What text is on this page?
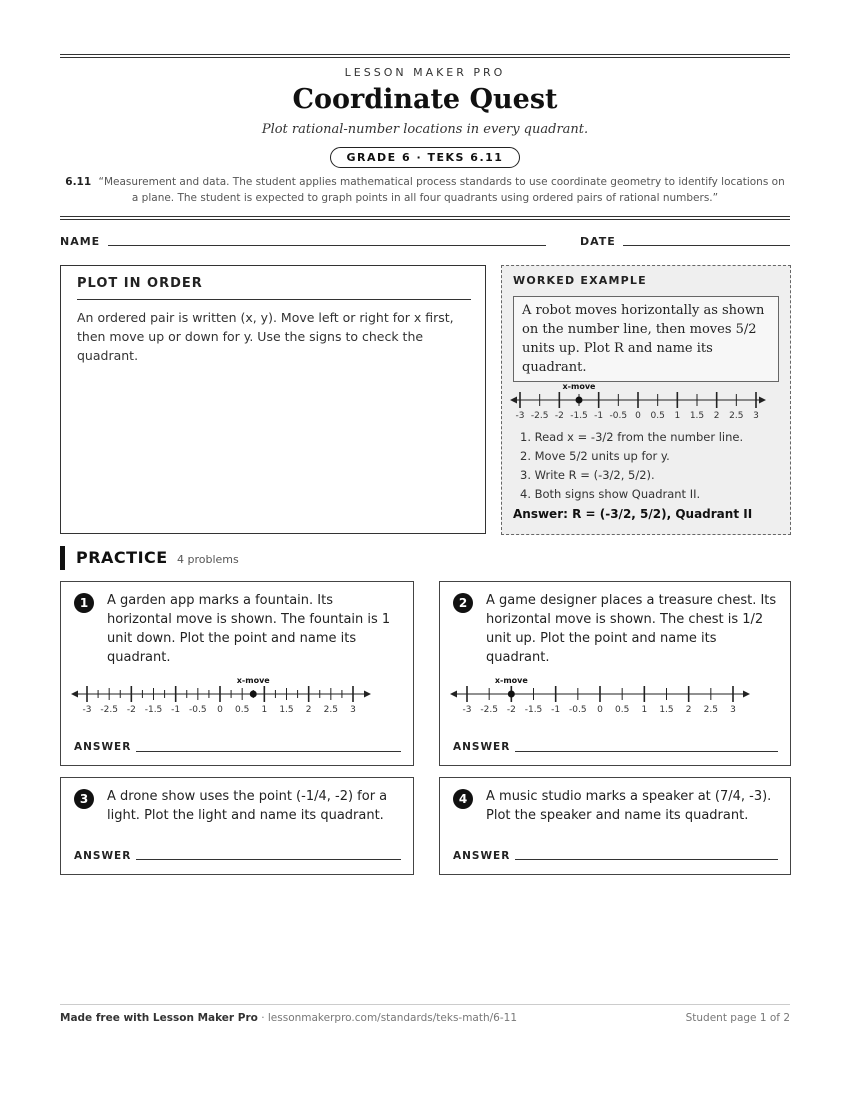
LESSON MAKER PRO
Coordinate Quest
Plot rational-number locations in every quadrant.
GRADE 6 · TEKS 6.11
6.11 “Measurement and data. The student applies mathematical process standards to use coordinate geometry to identify locations on a plane. The student is expected to graph points in all four quadrants using ordered pairs of rational numbers.”
NAME	DATE
PLOT IN ORDER

An ordered pair is written (x, y). Move left or right for x first, then move up or down for y. Use the signs to check the quadrant.

WORKED EXAMPLE
A robot moves horizontally as shown on the number line, then moves 5/2 units up. Plot R and name its quadrant.
-3 -2.5 -2 -1.5 -1 -0.5 0 0.5 1 1.5 2 2.5 3
x-move
1. Read x = -3/2 from the number line.
2. Move 5/2 units up for y.
3. Write R = (-3/2, 5/2).
4. Both signs show Quadrant II.
Answer: R = (-3/2, 5/2), Quadrant II
PRACTICE 4 problems
1	A garden app marks a fountain. Its horizontal move is shown. The fountain is 1 unit down. Plot the point and name its quadrant.
-3 -2.5 -2 -1.5 -1 -0.5 0 0.5 1 1.5 2 2.5 3
x-move
ANSWER
2	A game designer places a treasure chest. Its horizontal move is shown. The chest is 1/2 unit up. Plot the point and name its quadrant.
-3 -2.5 -2 -1.5 -1 -0.5 0 0.5 1 1.5 2 2.5 3
x-move
ANSWER
3	A drone show uses the point (-1/4, -2) for a light. Plot the light and name its quadrant.
ANSWER
4	A music studio marks a speaker at (7/4, -3). Plot the speaker and name its quadrant.
ANSWER
Made free with Lesson Maker Pro · lessonmakerpro.com/standards/teks-math/6-11	Student page 1 of 2
